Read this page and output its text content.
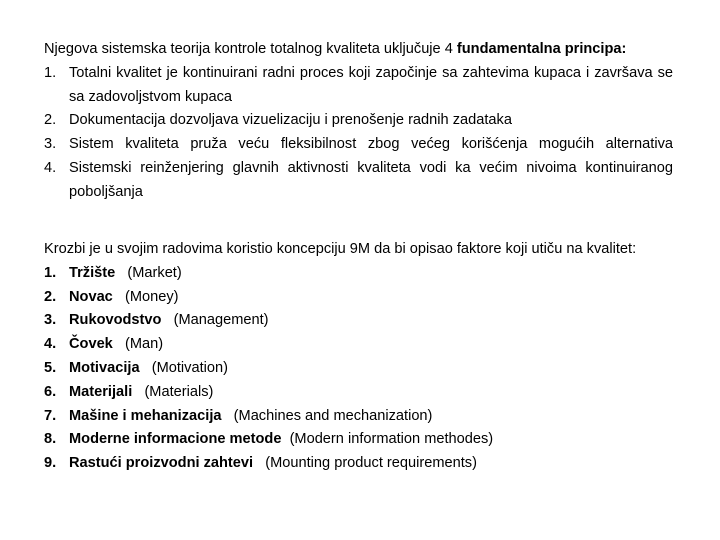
Njegova sistemska teorija kontrole totalnog kvaliteta uključuje 4 fundamentalna principa:

1. Totalni kvalitet je kontinuirani radni proces koji započinje sa zahtevima kupaca i završava se sa zadovoljstvom kupaca
2. Dokumentacija dozvoljava vizuelizaciju i prenošenje radnih zadataka
3. Sistem kvaliteta pruža veću fleksibilnost zbog većeg korišćenja mogućih alternativa
4. Sistemski reinženjering glavnih aktivnosti kvaliteta vodi ka većim nivoima kontinuiranog poboljšanja

Krozbi je u svojim radovima koristio koncepciju 9M da bi opisao faktore koji utiču na kvalitet:

1. Tržište (Market)
2. Novac (Money)
3. Rukovodstvo (Management)
4. Čovek (Man)
5. Motivacija (Motivation)
6. Materijali (Materials)
7. Mašine i mehanizacija (Machines and mechanization)
8. Moderne informacione metode (Modern information methodes)
9. Rastući proizvodni zahtevi (Mounting product requirements)
